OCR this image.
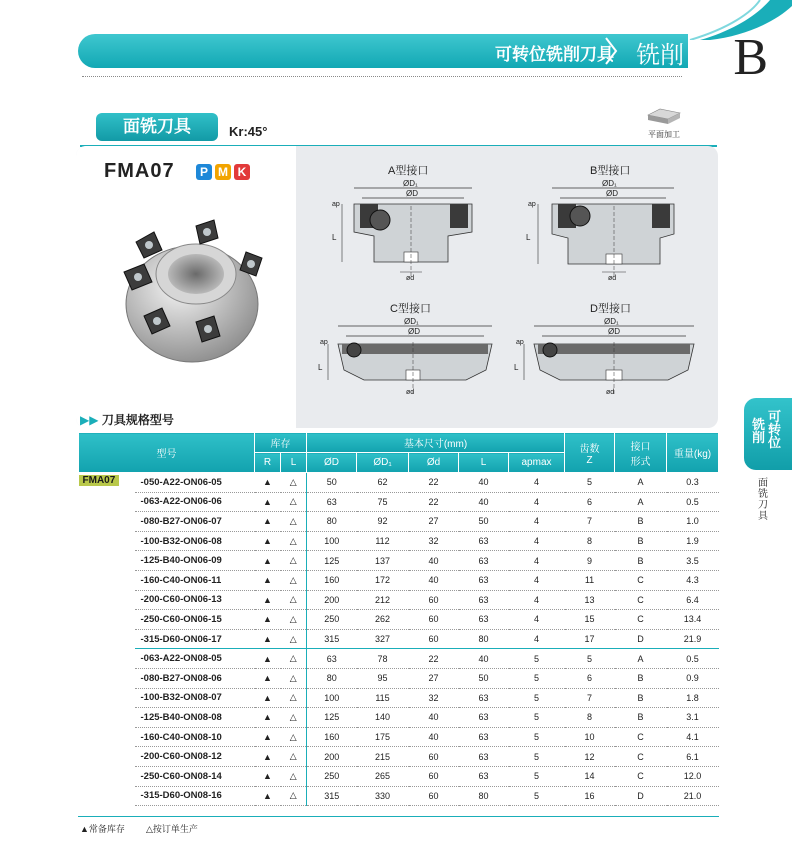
可转位铣削刀具 铣削 B
面铣刀具	Kr:45°	平面加工
FMA07	P M K	A型接口
ØD₁
ØD
ap
L
ød
B型接口
ØD₁
ØD
ap
L
ød
C型接口
ØD₁
ØD
ap
L
ød
D型接口
ØD₁
ØD
ap
L
ød
▶▶ 刀具规格型号
型号		库存		基本尺寸(mm)					齿数
Z	接口
形式	重量(kg)
		R	L	ØD	ØD₁	Ød	L	apmax			
FMA07	-050-A22-ON06-05	▲	△	50	62	22	40	4	5	A	0.3
	-063-A22-ON06-06	▲	△	63	75	22	40	4	6	A	0.5
	-080-B27-ON06-07	▲	△	80	92	27	50	4	7	B	1.0
	-100-B32-ON06-08	▲	△	100	112	32	63	4	8	B	1.9
	-125-B40-ON06-09	▲	△	125	137	40	63	4	9	B	3.5
	-160-C40-ON06-11	▲	△	160	172	40	63	4	11	C	4.3
	-200-C60-ON06-13	▲	△	200	212	60	63	4	13	C	6.4
	-250-C60-ON06-15	▲	△	250	262	60	63	4	15	C	13.4
	-315-D60-ON06-17	▲	△	315	327	60	80	4	17	D	21.9
	-063-A22-ON08-05	▲	△	63	78	22	40	5	5	A	0.5
	-080-B27-ON08-06	▲	△	80	95	27	50	5	6	B	0.9
	-100-B32-ON08-07	▲	△	100	115	32	63	5	7	B	1.8
	-125-B40-ON08-08	▲	△	125	140	40	63	5	8	B	3.1
	-160-C40-ON08-10	▲	△	160	175	40	63	5	10	C	4.1
	-200-C60-ON08-12	▲	△	200	215	60	63	5	12	C	6.1
	-250-C60-ON08-14	▲	△	250	265	60	63	5	14	C	12.0
	-315-D60-ON08-16	▲	△	315	330	60	80	5	16	D	21.0
▲常备库存 △按订单生产
铣削
可转位
面铣刀具
